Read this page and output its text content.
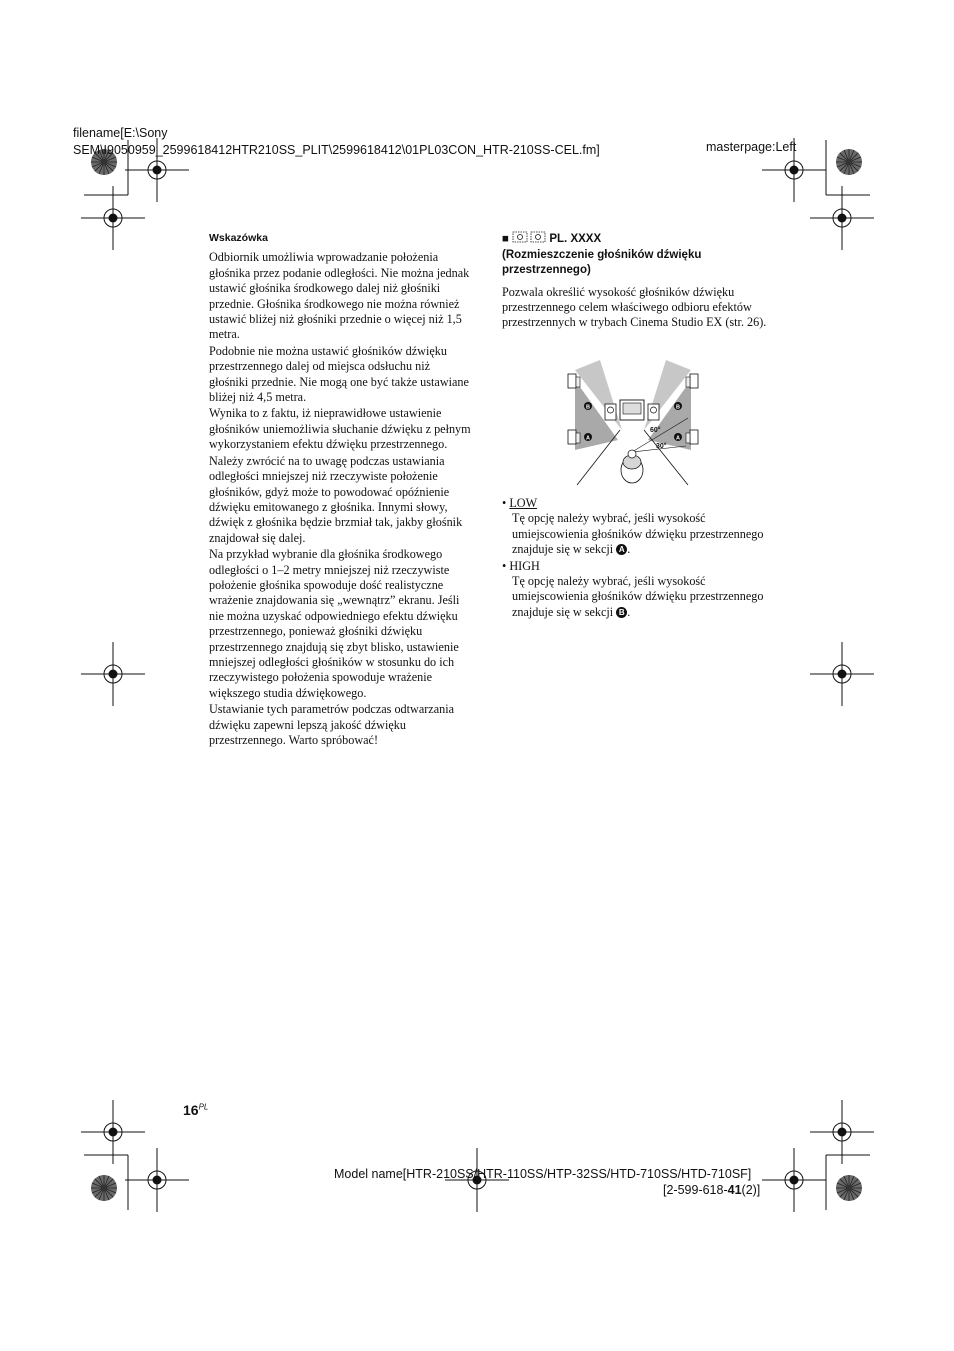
filename[E:\Sony
SEM\I9050959_2599618412HTR210SS_PLIT\2599618412\01PL03CON_HTR-210SS-CEL.fm]	masterpage:Left
Wskazówka

Odbiornik umożliwia wprowadzanie położenia głośnika przez podanie odległości. Nie można jednak ustawić głośnika środkowego dalej niż głośniki przednie. Głośnika środkowego nie można również ustawić bliżej niż głośniki przednie o więcej niż 1,5 metra.

Podobnie nie można ustawić głośników dźwięku przestrzennego dalej od miejsca odsłuchu niż głośniki przednie. Nie mogą one być także ustawiane bliżej niż 4,5 metra.

Wynika to z faktu, iż nieprawidłowe ustawienie głośników uniemożliwia słuchanie dźwięku z pełnym wykorzystaniem efektu dźwięku przestrzennego.

Należy zwrócić na to uwagę podczas ustawiania odległości mniejszej niż rzeczywiste położenie głośników, gdyż może to powodować opóźnienie dźwięku emitowanego z głośnika. Innymi słowy, dźwięk z głośnika będzie brzmiał tak, jakby głośnik znajdował się dalej.

Na przykład wybranie dla głośnika środkowego odległości o 1–2 metry mniejszej niż rzeczywiste położenie głośnika spowoduje dość realistyczne wrażenie znajdowania się „wewnątrz” ekranu. Jeśli nie można uzyskać odpowiedniego efektu dźwięku przestrzennego, ponieważ głośniki dźwięku przestrzennego znajdują się zbyt blisko, ustawienie mniejszej odległości głośników w stosunku do ich rzeczywistego położenia spowoduje wrażenie większego studia dźwiękowego.

Ustawianie tych parametrów podczas odtwarzania dźwięku zapewni lepszą jakość dźwięku przestrzennego. Warto spróbować!

■	PL. XXXX
(Rozmieszczenie głośników dźwięku przestrzennego)

Pozwala określić wysokość głośników dźwięku przestrzennego celem właściwego odbioru efektów przestrzennych w trybach Cinema Studio EX (str. 26).

60°
30°
B	B
A	A
• LOW

Tę opcję należy wybrać, jeśli wysokość umiejscowienia głośników dźwięku przestrzennego znajduje się w sekcji A .

• HIGH

Tę opcję należy wybrać, jeśli wysokość umiejscowienia głośników dźwięku przestrzennego znajduje się w sekcji B .

$16^{PL}$
Model name[HTR-210SS/HTR-110SS/HTP-32SS/HTD-710SS/HTD-710SF]
[2-599-618-41(2)]
